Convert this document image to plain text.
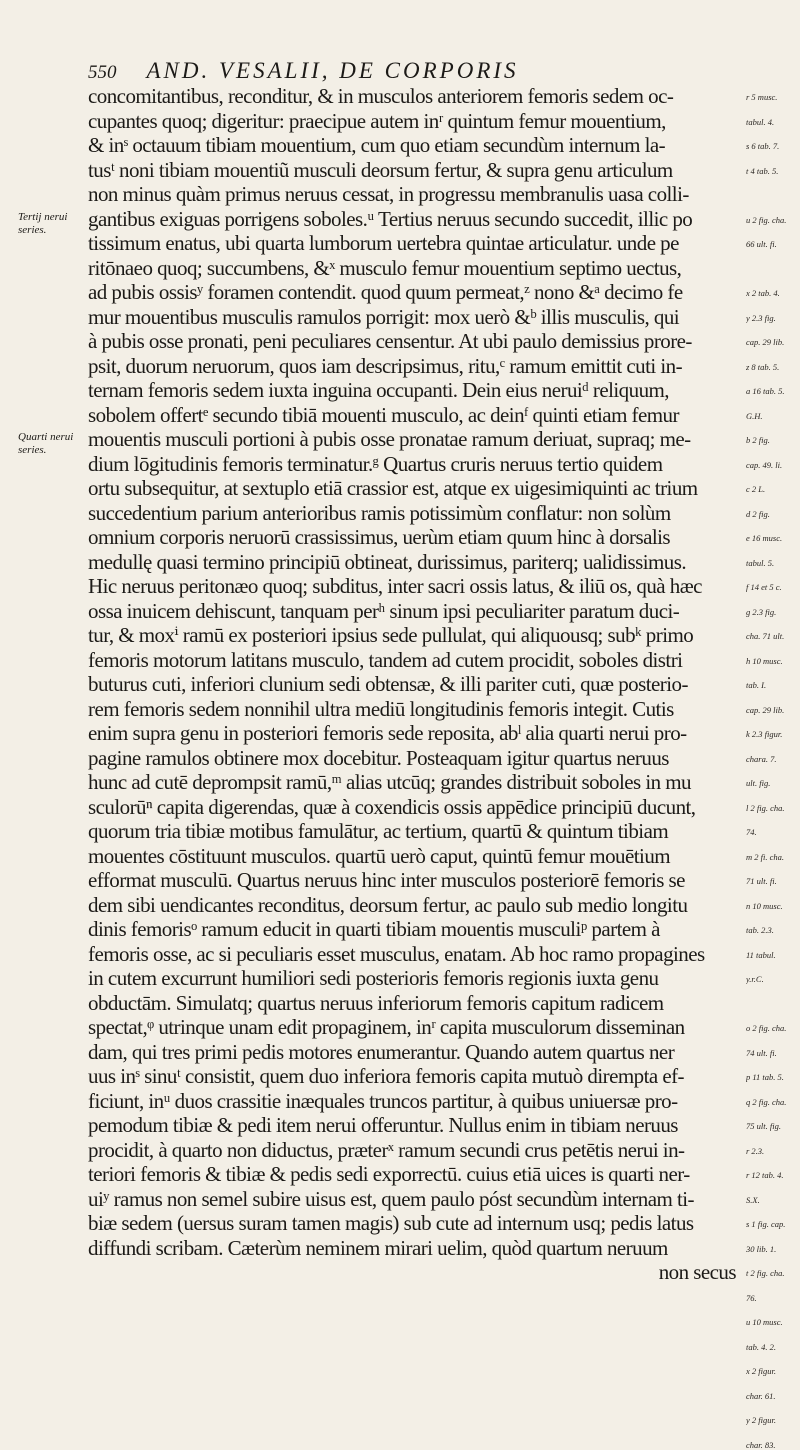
550 AND. VESALII, DE CORPORIS
concomitantibus, reconditur, & in musculos anteriorem femoris sedem oc-
cupantes quoq; digeritur: praecipue autem inʳ quintum femur mouentium,
& inˢ octauum tibiam mouentium, cum quo etiam secundùm internum la-
tusᵗ noni tibiam mouentiũ musculi deorsum fertur, & supra genu articulum
non minus quàm primus neruus cessat, in progressu membranulis uasa colli-
gantibus exiguas porrigens soboles.ᵘ Tertius neruus secundo succedit, illic po
tissimum enatus, ubi quarta lumborum uertebra quintae articulatur. unde pe
ritōnaeo quoq; succumbens, &ˣ musculo femur mouentium septimo uectus,
ad pubis ossisʸ foramen contendit. quod quum permeat,ᶻ nono &ᵃ decimo fe
mur mouentibus musculis ramulos porrigit: mox uerò &ᵇ illis musculis, qui
à pubis osse pronati, peni peculiares censentur. At ubi paulo demissius prore-
psit, duorum neruorum, quos iam descripsimus, ritu,ᶜ ramum emittit cuti in-
ternam femoris sedem iuxta inguina occupanti. Dein eius neruiᵈ reliquum,
sobolem offertᵉ secundo tibiā mouenti musculo, ac deinᶠ quinti etiam femur
mouentis musculi portioni à pubis osse pronatae ramum deriuat, supraq; me-
dium lōgitudinis femoris terminatur.ᵍ Quartus cruris neruus tertio quidem
ortu subsequitur, at sextuplo etiā crassior est, atque ex uigesimiquinti ac trium
succedentium parium anterioribus ramis potissimùm conflatur: non solùm
omnium corporis neruorū crassissimus, uerùm etiam quum hinc à dorsalis
medullę quasi termino principiū obtineat, durissimus, pariterq; ualidissimus.
Hic neruus peritonæo quoq; subditus, inter sacri ossis latus, & iliū os, quà hæc
ossa inuicem dehiscunt, tanquam perʰ sinum ipsi peculiariter paratum duci-
tur, & moxⁱ ramū ex posteriori ipsius sede pullulat, qui aliquousq; subᵏ primo
femoris motorum latitans musculo, tandem ad cutem procidit, soboles distri
buturus cuti, inferiori clunium sedi obtensæ, & illi pariter cuti, quæ posterio-
rem femoris sedem nonnihil ultra mediū longitudinis femoris integit. Cutis
enim supra genu in posteriori femoris sede reposita, abˡ alia quarti nerui pro-
pagine ramulos obtinere mox docebitur. Posteaquam igitur quartus neruus
hunc ad cutē deprompsit ramū,ᵐ alias utcūq; grandes distribuit soboles in mu
sculorūⁿ capita digerendas, quæ à coxendicis ossis appēdice principiū ducunt,
quorum tria tibiæ motibus famulātur, ac tertium, quartū & quintum tibiam
mouentes cōstituunt musculos. quartū uerò caput, quintū femur mouētium
efformat musculū. Quartus neruus hinc inter musculos posteriorē femoris se
dem sibi uendicantes reconditus, deorsum fertur, ac paulo sub medio longitu
dinis femorisᵒ ramum educit in quarti tibiam mouentis musculiᵖ partem à
femoris osse, ac si peculiaris esset musculus, enatam. Ab hoc ramo propagines
in cutem excurrunt humiliori sedi posterioris femoris regionis iuxta genu
obductām. Simulatq; quartus neruus inferiorum femoris capitum radicem
spectat,ᵠ utrinque unam edit propaginem, inʳ capita musculorum disseminan
dam, qui tres primi pedis motores enumerantur. Quando autem quartus ner
uus inˢ sinuᵗ consistit, quem duo inferiora femoris capita mutuò dirempta ef-
ficiunt, inᵘ duos crassitie inæquales truncos partitur, à quibus uniuersæ pro-
pemodum tibiæ & pedi item nerui offeruntur. Nullus enim in tibiam neruus
procidit, à quarto non diductus, præterˣ ramum secundi crus petētis nerui in-
teriori femoris & tibiæ & pedis sedi exporrectū. cuius etiā uices is quarti ner-
uiʸ ramus non semel subire uisus est, quem paulo póst secundùm internam ti-
biæ sedem (uersus suram tamen magis) sub cute ad internum usq; pedis latus
diffundi scribam. Cæterùm neminem mirari uelim, quòd quartum neruum
non secus
Tertij nerui series.
Quarti nerui series.
r 5 musc.
tabul. 4.
s 6 tab. 7.
t 4 tab. 5.
u 2 fig. cha.
66 ult. fi.
x 2 tab. 4.
y 2.3 fig.
cap. 29 lib.
z 8 tab. 5.
a 16 tab. 5.
G.H.
b 2 fig.
cap. 49. li.
c 2 L.
d 2 fig.
e 16 musc.
tabul. 5.
f 14 et 5 c.
g 2.3 fig.
cha. 71 ult.
h 10 musc.
tab. I.
cap. 29 lib.
k 2.3 figur.
chara. 7.
ult. fig.
l 2 fig. cha.
74.
m 2 fi. cha.
71 ult. fi.
n 10 musc.
tab. 2.3.
11 tabul.
y.r.C.
o 2 fig. cha.
74 ult. fi.
p 11 tab. 5.
q 2 fig. cha.
75 ult. fig.
r 2.3.
r 12 tab. 4.
S.X.
s 1 fig. cap.
30 lib. 1.
t 2 fig. cha.
76.
u 10 musc.
tab. 4. 2.
x 2 figur.
char. 61.
y 2 figur.
char. 83.
